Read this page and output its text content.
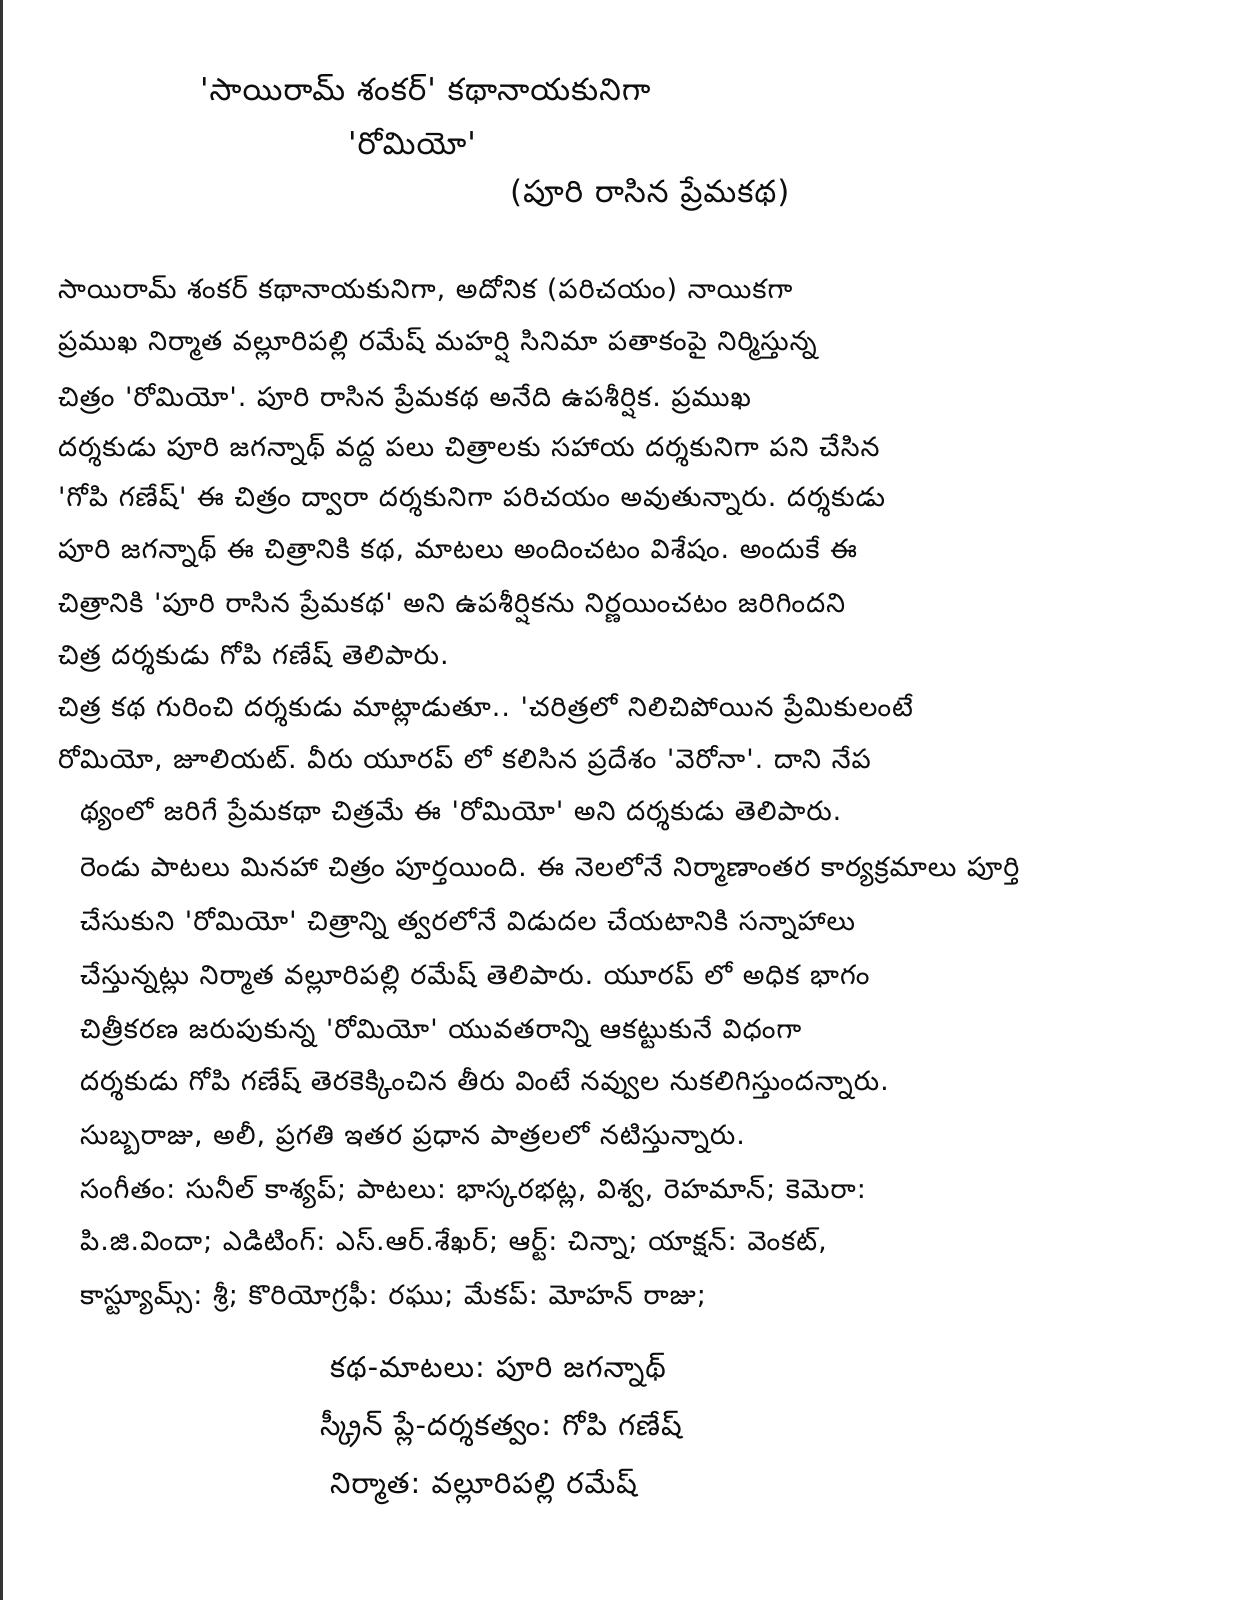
'సాయిరామ్ శంకర్' కథానాయకునిగా
'రోమియో'
(పూరి రాసిన ప్రేమకథ)
సాయిరామ్ శంకర్ కథానాయకునిగా, అదోనిక (పరిచయం) నాయికగా
ప్రముఖ నిర్మాత వల్లూరిపల్లి రమేష్ మహర్షి సినిమా పతాకంపై నిర్మిస్తున్న
చిత్రం 'రోమియో'. పూరి రాసిన ప్రేమకథ అనేది ఉపశీర్షిక. ప్రముఖ
దర్శకుడు పూరి జగన్నాథ్ వద్ద పలు చిత్రాలకు సహాయ దర్శకునిగా పని చేసిన
'గోపి గణేష్' ఈ చిత్రం ద్వారా దర్శకునిగా పరిచయం అవుతున్నారు. దర్శకుడు
పూరి జగన్నాథ్ ఈ చిత్రానికి కథ, మాటలు అందించటం విశేషం. అందుకే ఈ
చిత్రానికి 'పూరి రాసిన ప్రేమకథ' అని ఉపశీర్షికను నిర్ణయించటం జరిగిందని
చిత్ర దర్శకుడు గోపి గణేష్ తెలిపారు.
చిత్ర కథ గురించి దర్శకుడు మాట్లాడుతూ.. 'చరిత్రలో నిలిచిపోయిన ప్రేమికులంటే
రోమియో, జూలియట్. వీరు యూరప్ లో కలిసిన ప్రదేశం 'వెరోనా'. దాని నేప
థ్యంలో జరిగే ప్రేమకథా చిత్రమే ఈ 'రోమియో' అని దర్శకుడు తెలిపారు.
రెండు పాటలు మినహా చిత్రం పూర్తయింది. ఈ నెలలోనే నిర్మాణాంతర కార్యక్రమాలు పూర్తి
చేసుకుని 'రోమియో' చిత్రాన్ని త్వరలోనే విడుదల చేయటానికి సన్నాహాలు
చేస్తున్నట్లు నిర్మాత వల్లూరిపల్లి రమేష్ తెలిపారు. యూరప్ లో అధిక భాగం
చిత్రీకరణ జరుపుకున్న 'రోమియో' యువతరాన్ని ఆకట్టుకునే విధంగా
దర్శకుడు గోపి గణేష్ తెరకెక్కించిన తీరు వింటే నవ్వుల నుకలిగిస్తుందన్నారు.
సుబ్బరాజు, అలీ, ప్రగతి ఇతర ప్రధాన పాత్రలలో నటిస్తున్నారు.
సంగీతం: సునీల్ కాశ్యప్; పాటలు: భాస్కరభట్ల, విశ్వ, రెహమాన్; కెమెరా:
పి.జి.విందా; ఎడిటింగ్: ఎస్.ఆర్.శేఖర్; ఆర్ట్: చిన్నా; యాక్షన్: వెంకట్,
కాస్ట్యూమ్స్: శ్రీ; కొరియోగ్రఫీ: రఘు; మేకప్: మోహన్ రాజు;
కథ-మాటలు: పూరి జగన్నాథ్
స్క్రీన్ ప్లే-దర్శకత్వం: గోపి గణేష్
నిర్మాత: వల్లూరిపల్లి రమేష్
